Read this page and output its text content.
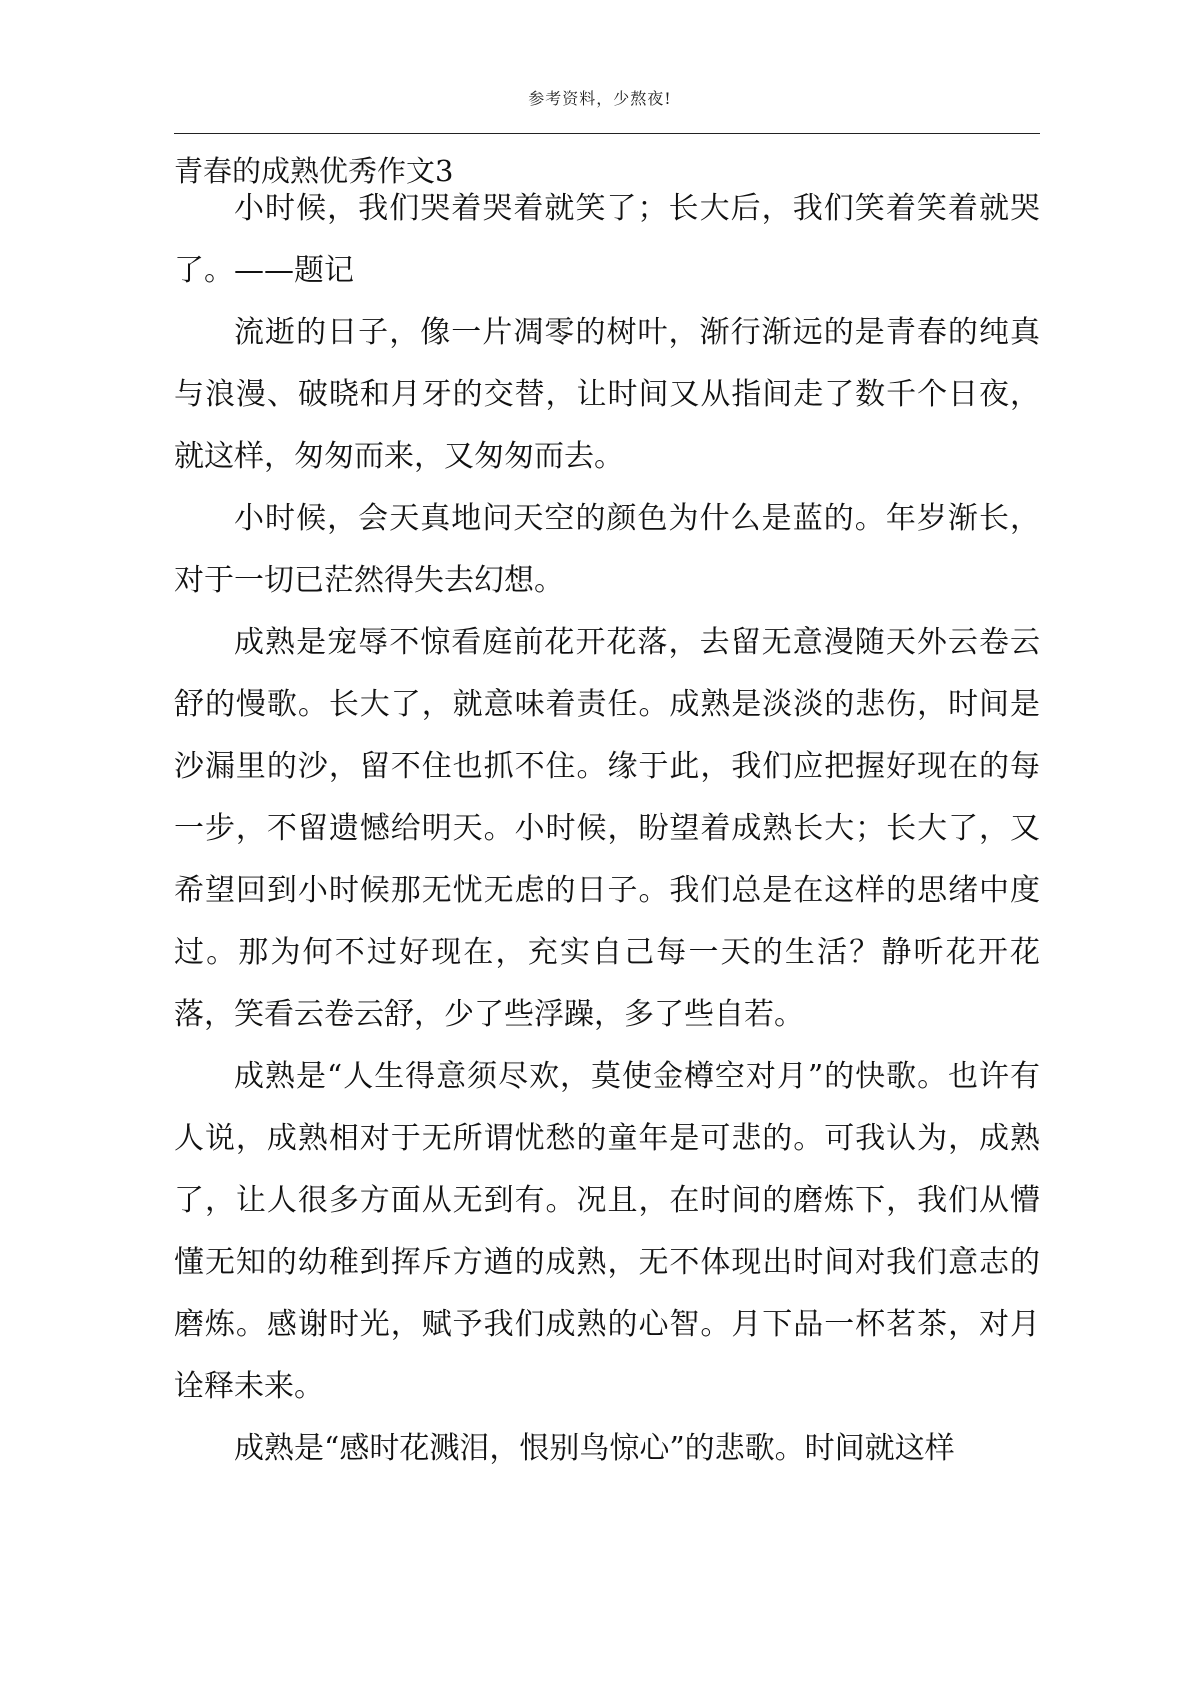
参考资料，少熬夜!
青春的成熟优秀作文3

小时候，我们哭着哭着就笑了；长大后，我们笑着笑着就哭了。——题记

流逝的日子，像一片凋零的树叶，渐行渐远的是青春的纯真与浪漫、破晓和月牙的交替，让时间又从指间走了数千个日夜，就这样，匆匆而来，又匆匆而去。

小时候，会天真地问天空的颜色为什么是蓝的。年岁渐长，对于一切已茫然得失去幻想。

成熟是宠辱不惊看庭前花开花落，去留无意漫随天外云卷云舒的慢歌。长大了，就意味着责任。成熟是淡淡的悲伤，时间是沙漏里的沙，留不住也抓不住。缘于此，我们应把握好现在的每一步，不留遗憾给明天。小时候，盼望着成熟长大；长大了，又希望回到小时候那无忧无虑的日子。我们总是在这样的思绪中度过。那为何不过好现在，充实自己每一天的生活？静听花开花落，笑看云卷云舒，少了些浮躁，多了些自若。

成熟是“人生得意须尽欢，莫使金樽空对月”的快歌。也许有人说，成熟相对于无所谓忧愁的童年是可悲的。可我认为，成熟了，让人很多方面从无到有。况且，在时间的磨炼下，我们从懵懂无知的幼稚到挥斥方遒的成熟，无不体现出时间对我们意志的磨炼。感谢时光，赋予我们成熟的心智。月下品一杯茗茶，对月诠释未来。

成熟是“感时花溅泪，恨别鸟惊心”的悲歌。时间就这样
